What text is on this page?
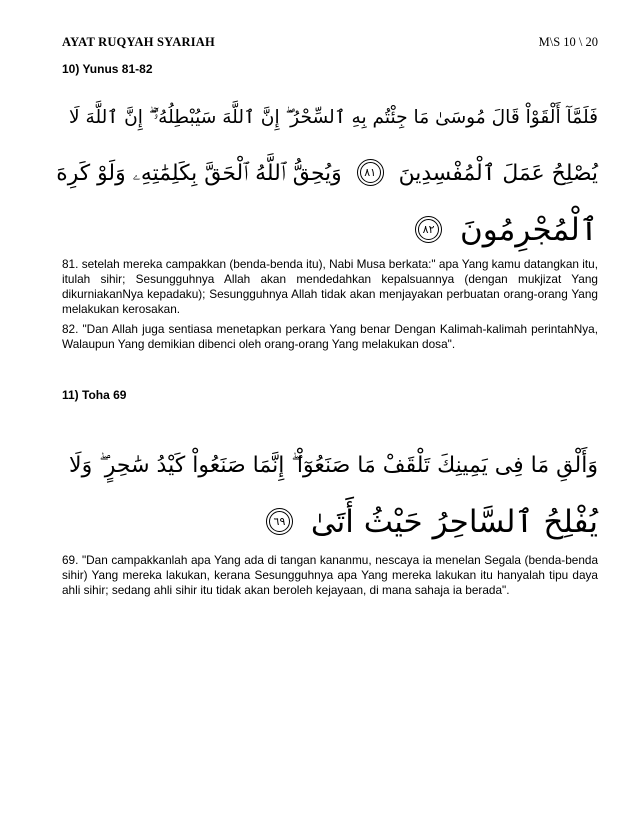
AYAT RUQYAH SYARIAH	M\S 10 \ 20
10) Yunus 81-82
فَلَمَّآ أَلْقَوْاْ قَالَ مُوسَىٰ مَا جِئْتُم بِهِ ٱلسِّحْرُ ۖ إِنَّ ٱللَّهَ سَيُبْطِلُهُۥٓ ۖ إِنَّ ٱللَّهَ لَا
يُصْلِحُ عَمَلَ ٱلْمُفْسِدِينَ ٨١ وَيُحِقُّ ٱللَّهُ ٱلْحَقَّ بِكَلِمَٰتِهِۦ وَلَوْ كَرِهَ
ٱلْمُجْرِمُونَ ٨٢

81. setelah mereka campakkan (benda-benda itu), Nabi Musa berkata:" apa Yang kamu datangkan itu, itulah sihir; Sesungguhnya Allah akan mendedahkan kepalsuannya (dengan mukjizat Yang dikurniakanNya kepadaku); Sesungguhnya Allah tidak akan menjayakan perbuatan orang-orang Yang melakukan kerosakan.

82. "Dan Allah juga sentiasa menetapkan perkara Yang benar Dengan Kalimah-kalimah perintahNya, Walaupun Yang demikian dibenci oleh orang-orang Yang melakukan dosa".

11) Toha 69
وَأَلْقِ مَا فِى يَمِينِكَ تَلْقَفْ مَا صَنَعُوٓاْ ۖ إِنَّمَا صَنَعُواْ كَيْدُ سَٰحِرٍ ۖ وَلَا
يُفْلِحُ ٱلسَّاحِرُ حَيْثُ أَتَىٰ ٦٩

69. "Dan campakkanlah apa Yang ada di tangan kananmu, nescaya ia menelan Segala (benda-benda sihir) Yang mereka lakukan, kerana Sesungguhnya apa Yang mereka lakukan itu hanyalah tipu daya ahli sihir; sedang ahli sihir itu tidak akan beroleh kejayaan, di mana sahaja ia berada".
